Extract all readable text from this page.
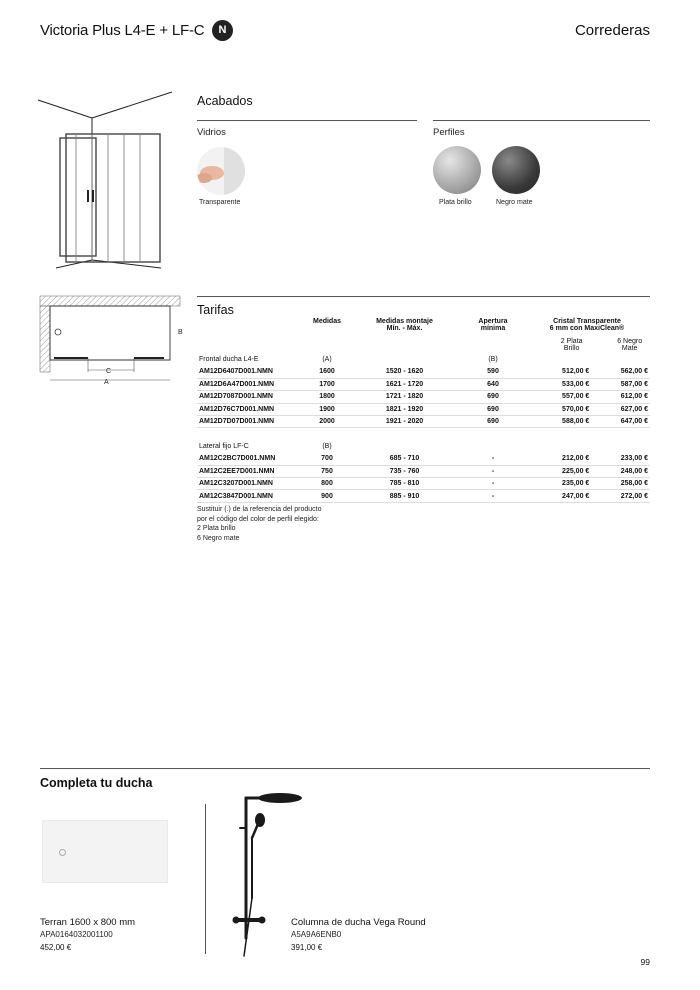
Victoria Plus L4-E + LF-C	N	Correderas
Acabados
Vidrios	Perfiles
Transparente	Plata brillo	Negro mate
B
C
A
Tarifas
	Medidas	Medidas montaje
Mín. - Máx.	Apertura
mínima	Cristal Transparente
6 mm con MaxiClean®	
				2 Plata
Brillo	6 Negro
Mate
Frontal ducha L4-E	(A)		(B)		
AM12D6407D001.NMN	1600	1520 - 1620	590	512,00 €	562,00 €
AM12D6A47D001.NMN	1700	1621 - 1720	640	533,00 €	587,00 €
AM12D7087D001.NMN	1800	1721 - 1820	690	557,00 €	612,00 €
AM12D76C7D001.NMN	1900	1821 - 1920	690	570,00 €	627,00 €
AM12D7D07D001.NMN	2000	1921 - 2020	690	588,00 €	647,00 €

Lateral fijo LF-C	(B)				
AM12C2BC7D001.NMN	700	685 - 710	-	212,00 €	233,00 €
AM12C2EE7D001.NMN	750	735 - 760	-	225,00 €	248,00 €
AM12C3207D001.NMN	800	785 - 810	-	235,00 €	258,00 €
AM12C3847D001.NMN	900	885 - 910	-	247,00 €	272,00 €
Sustituir (.) de la referencia del producto
por el código del color de perfil elegido:
2 Plata brillo
6 Negro mate
Completa tu ducha
Terran 1600 x 800 mm
APA0164032001100
452,00 €
Columna de ducha Vega Round
A5A9A6ENB0
391,00 €
99
